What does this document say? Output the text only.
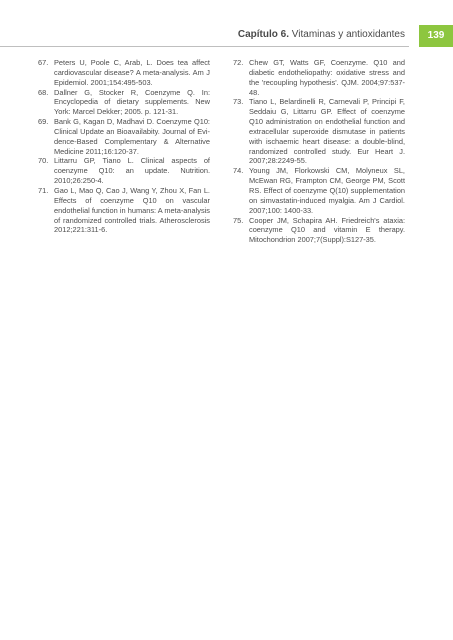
Capítulo 6. Vitaminas y antioxidantes	139
67. Peters U, Poole C, Arab, L. Does tea affect cardiovascular disease? A meta-analysis. Am J Epidemiol. 2001;154:495-503.
68. Dallner G, Stocker R, Coenzyme Q. In: Encyclopedia of dietary supplements. New York: Marcel Dekker; 2005. p. 121-31.
69. Bank G, Kagan D, Madhavi D. Coenzyme Q10: Clinical Update an Bioavailabity. Journal of Evidence-Based Complementary & Alternative Medicine 2011;16:120-37.
70. Littarru GP, Tiano L. Clinical aspects of coenzyme Q10: an update. Nutrition. 2010;26:250-4.
71. Gao L, Mao Q, Cao J, Wang Y, Zhou X, Fan L. Effects of coenzyme Q10 on vascular endothelial function in humans: A meta-analysis of randomized controlled trials. Atherosclerosis 2012;221:311-6.
72. Chew GT, Watts GF, Coenzyme. Q10 and diabetic endotheliopathy: oxidative stress and the 'recoupling hypothesis'. QJM. 2004;97:537-48.
73. Tiano L, Belardinelli R, Carnevali P, Principi F, Seddaiu G, Littarru GP. Effect of coenzyme Q10 administration on endothelial function and extracellular superoxide dismutase in patients with ischaemic heart disease: a double-blind, randomized controlled study. Eur Heart J. 2007;28:2249-55.
74. Young JM, Florkowski CM, Molyneux SL, McEwan RG, Frampton CM, George PM, Scott RS. Effect of coenzyme Q(10) supplementation on simvastatin-induced myalgia. Am J Cardiol. 2007;100: 1400-33.
75. Cooper JM, Schapira AH. Friedreich's ataxia: coenzyme Q10 and vitamin E therapy. Mitochondrion 2007;7(Suppl):S127-35.
